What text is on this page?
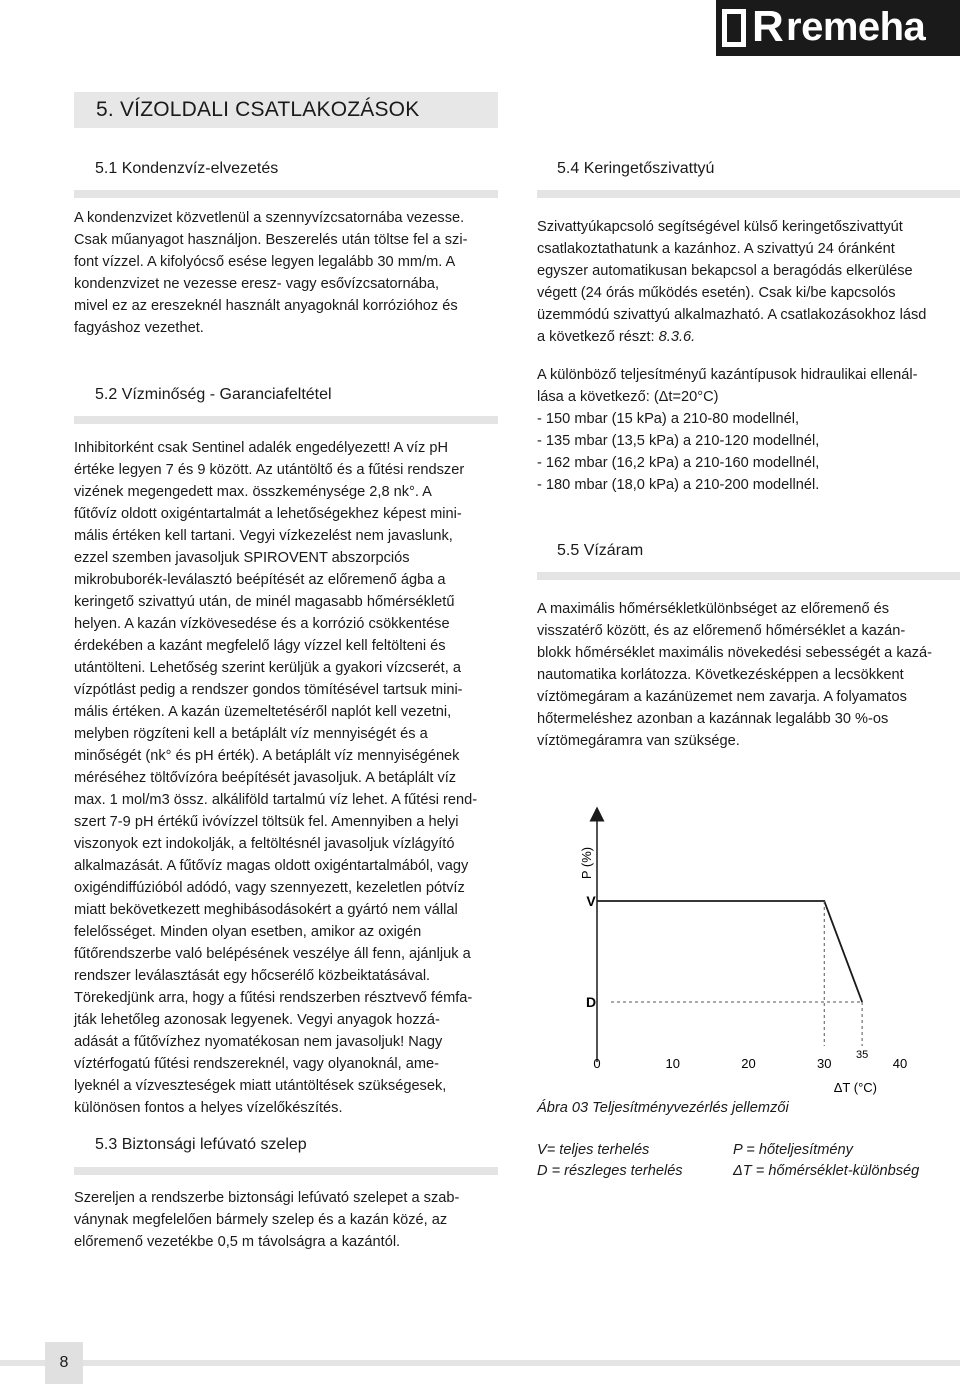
R remeha
5. VÍZOLDALI CSATLAKOZÁSOK
5.1 Kondenzvíz-elvezetés
A kondenzvizet közvetlenül a szennyvízcsatornába vezesse.
Csak műanyagot használjon. Beszerelés után töltse fel a szi-
font vízzel. A kifolyócső esése legyen legalább 30 mm/m. A
kondenzvizet ne vezesse eresz- vagy esővízcsatornába,
mivel ez az ereszeknél használt anyagoknál korrózióhoz és
fagyáshoz vezethet.
5.2 Vízminőség - Garanciafeltétel
Inhibitorként csak Sentinel adalék engedélyezett! A víz pH
értéke legyen 7 és 9 között. Az utántöltő és a fűtési rendszer
vizének megengedett max. összkeménysége 2,8 nk°. A
fűtővíz oldott oxigéntartalmát a lehetőségekhez képest mini-
mális értéken kell tartani. Vegyi vízkezelést nem javaslunk,
ezzel szemben javasoljuk SPIROVENT abszorpciós
mikrobuborék-leválasztó beépítését az előremenő ágba a
keringető szivattyú után, de minél magasabb hőmérsékletű
helyen. A kazán vízkövesedése és a korrózió csökkentése
érdekében a kazánt megfelelő lágy vízzel kell feltölteni és
utántölteni. Lehetőség szerint kerüljük a gyakori vízcserét, a
vízpótlást pedig a rendszer gondos tömítésével tartsuk mini-
mális értéken. A kazán üzemeltetéséről naplót kell vezetni,
melyben rögzíteni kell a betáplált víz mennyiségét és a
minőségét (nk° és pH érték). A betáplált víz mennyiségének
méréséhez töltővízóra beépítését javasoljuk. A betáplált víz
max. 1 mol/m3 össz. alkáliföld tartalmú víz lehet. A fűtési rend-
szert 7-9 pH értékű ivóvízzel töltsük fel. Amennyiben a helyi
viszonyok ezt indokolják, a feltöltésnél javasoljuk vízlágyító
alkalmazását. A fűtővíz magas oldott oxigéntartalmából, vagy
oxigéndiffúzióból adódó, vagy szennyezett, kezeletlen pótvíz
miatt bekövetkezett meghibásodásokért a gyártó nem vállal
felelősséget. Minden olyan esetben, amikor az oxigén
fűtőrendszerbe való belépésének veszélye áll fenn, ajánljuk a
rendszer leválasztását egy hőcserélő közbeiktatásával.
Törekedjünk arra, hogy a fűtési rendszerben résztvevő fémfa-
jták lehetőleg azonosak legyenek. Vegyi anyagok hozzá-
adását a fűtővízhez nyomatékosan nem javasoljuk! Nagy
víztérfogatú fűtési rendszereknél, vagy olyanoknál, ame-
lyeknél a vízveszteségek miatt utántöltések szükségesek,
különösen fontos a helyes vízelőkészítés.
5.3 Biztonsági lefúvató szelep
Szereljen a rendszerbe biztonsági lefúvató szelepet a szab-
ványnak megfelelően bármely szelep és a kazán közé, az
előremenő vezetékbe 0,5 m távolságra a kazántól.
5.4 Keringetőszivattyú
Szivattyúkapcsoló segítségével külső keringetőszivattyút
csatlakoztathatunk a kazánhoz. A szivattyú 24 óránként
egyszer automatikusan bekapcsol a beragódás elkerülése
végett (24 órás működés esetén). Csak ki/be kapcsolós
üzemmódú szivattyú alkalmazható. A csatlakozásokhoz lásd
a következő részt: 8.3.6.
A különböző teljesítményű kazántípusok hidraulikai ellenál-
lása a következő: (Δt=20°C)
- 150 mbar (15 kPa) a 210-80 modellnél,
- 135 mbar (13,5 kPa) a 210-120 modellnél,
- 162 mbar (16,2 kPa) a 210-160 modellnél,
- 180 mbar (18,0 kPa) a 210-200 modellnél.
5.5 Vízáram
A maximális hőmérsékletkülönbséget az előremenő és
visszatérő között, és az előremenő hőmérséklet a kazán-
blokk hőmérséklet maximális növekedési sebességét a kazá-
nautomatika korlátozza. Következésképpen a lecsökkent
víztömegáram a kazánüzemet nem zavarja. A folyamatos
hőtermeléshez azonban a kazánnak legalább 30 %-os
víztömegáramra van szüksége.
P (%)
V
D
0	10	20	30
35
40
ΔT (°C)
Ábra 03 Teljesítményvezérlés jellemzői
V= teljes terhelés
D = részleges terhelés
P = hőteljesítmény
ΔT = hőmérséklet-különbség
8
